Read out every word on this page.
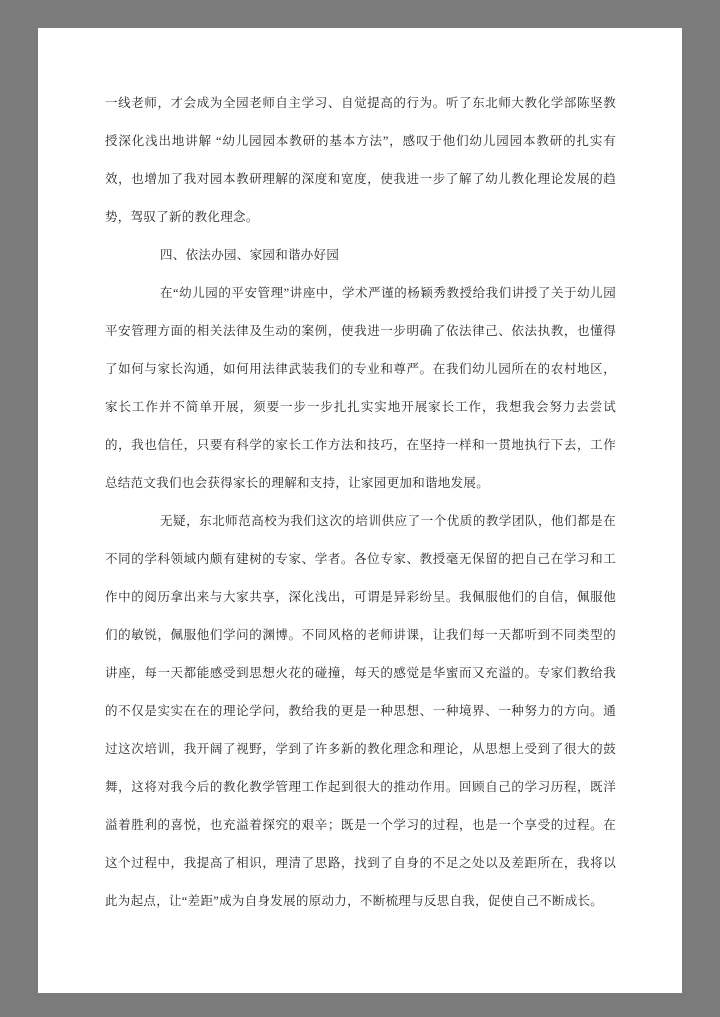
一线老师，才会成为全园老师自主学习、自觉提高的行为。听了东北师大教化学部陈坚教授深化浅出地讲解 “幼儿园园本教研的基本方法”，感叹于他们幼儿园园本教研的扎实有效，也增加了我对园本教研理解的深度和宽度，使我进一步了解了幼儿教化理论发展的趋势，驾驭了新的教化理念。

四、依法办园、家园和谐办好园

在“幼儿园的平安管理”讲座中，学术严谨的杨颖秀教授给我们讲授了关于幼儿园平安管理方面的相关法律及生动的案例，使我进一步明确了依法律己、依法执教，也懂得了如何与家长沟通，如何用法律武装我们的专业和尊严。在我们幼儿园所在的农村地区，家长工作并不简单开展，须要一步一步扎扎实实地开展家长工作，我想我会努力去尝试的，我也信任，只要有科学的家长工作方法和技巧，在坚持一样和一贯地执行下去，工作总结范文我们也会获得家长的理解和支持，让家园更加和谐地发展。

无疑，东北师范高校为我们这次的培训供应了一个优质的教学团队，他们都是在不同的学科领域内颇有建树的专家、学者。各位专家、教授毫无保留的把自己在学习和工作中的阅历拿出来与大家共享，深化浅出，可谓是异彩纷呈。我佩服他们的自信，佩服他们的敏锐，佩服他们学问的渊博。不同风格的老师讲课，让我们每一天都听到不同类型的讲座，每一天都能感受到思想火花的碰撞，每天的感觉是华蜜而又充溢的。专家们教给我的不仅是实实在在的理论学问，教给我的更是一种思想、一种境界、一种努力的方向。通过这次培训，我开阔了视野，学到了许多新的教化理念和理论，从思想上受到了很大的鼓舞，这将对我今后的教化教学管理工作起到很大的推动作用。回顾自己的学习历程，既洋溢着胜利的喜悦，也充溢着探究的艰辛；既是一个学习的过程，也是一个享受的过程。在这个过程中，我提高了相识，理清了思路，找到了自身的不足之处以及差距所在，我将以此为起点，让“差距”成为自身发展的原动力，不断梳理与反思自我，促使自己不断成长。
